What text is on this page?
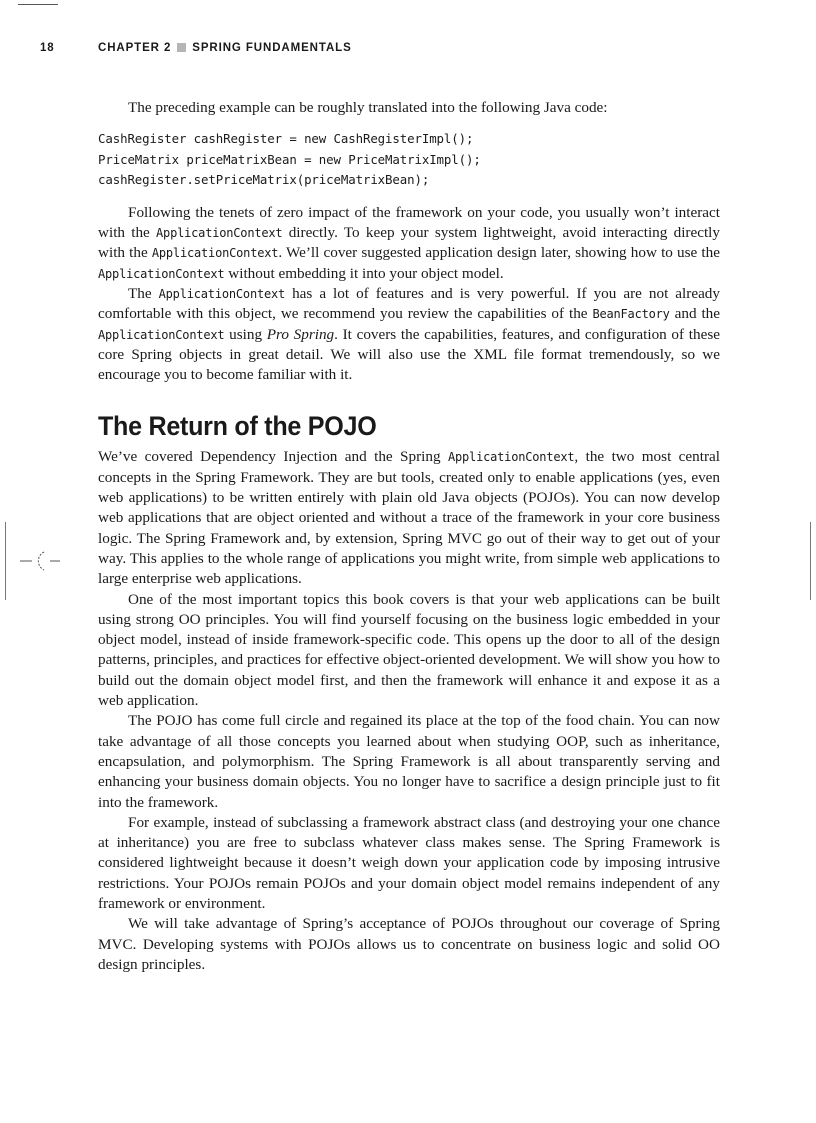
18	CHAPTER 2 SPRING FUNDAMENTALS

The preceding example can be roughly translated into the following Java code:

CashRegister cashRegister = new CashRegisterImpl();
PriceMatrix priceMatrixBean = new PriceMatrixImpl();
cashRegister.setPriceMatrix(priceMatrixBean);

Following the tenets of zero impact of the framework on your code, you usually won’t interact with the ApplicationContext directly. To keep your system lightweight, avoid interacting directly with the ApplicationContext. We’ll cover suggested application design later, showing how to use the ApplicationContext without embedding it into your object model.

The ApplicationContext has a lot of features and is very powerful. If you are not already comfortable with this object, we recommend you review the capabilities of the BeanFactory and the ApplicationContext using Pro Spring. It covers the capabilities, features, and configuration of these core Spring objects in great detail. We will also use the XML file format tremendously, so we encourage you to become familiar with it.

The Return of the POJO

We’ve covered Dependency Injection and the Spring ApplicationContext, the two most central concepts in the Spring Framework. They are but tools, created only to enable applications (yes, even web applications) to be written entirely with plain old Java objects (POJOs). You can now develop web applications that are object oriented and without a trace of the framework in your core business logic. The Spring Framework and, by extension, Spring MVC go out of their way to get out of your way. This applies to the whole range of applications you might write, from simple web applications to large enterprise web applications.

One of the most important topics this book covers is that your web applications can be built using strong OO principles. You will find yourself focusing on the business logic embedded in your object model, instead of inside framework-specific code. This opens up the door to all of the design patterns, principles, and practices for effective object-oriented development. We will show you how to build out the domain object model first, and then the framework will enhance it and expose it as a web application.

The POJO has come full circle and regained its place at the top of the food chain. You can now take advantage of all those concepts you learned about when studying OOP, such as inheritance, encapsulation, and polymorphism. The Spring Framework is all about transparently serving and enhancing your business domain objects. You no longer have to sacrifice a design principle just to fit into the framework.

For example, instead of subclassing a framework abstract class (and destroying your one chance at inheritance) you are free to subclass whatever class makes sense. The Spring Framework is considered lightweight because it doesn’t weigh down your application code by imposing intrusive restrictions. Your POJOs remain POJOs and your domain object model remains independent of any framework or environment.

We will take advantage of Spring’s acceptance of POJOs throughout our coverage of Spring MVC. Developing systems with POJOs allows us to concentrate on business logic and solid OO design principles.
